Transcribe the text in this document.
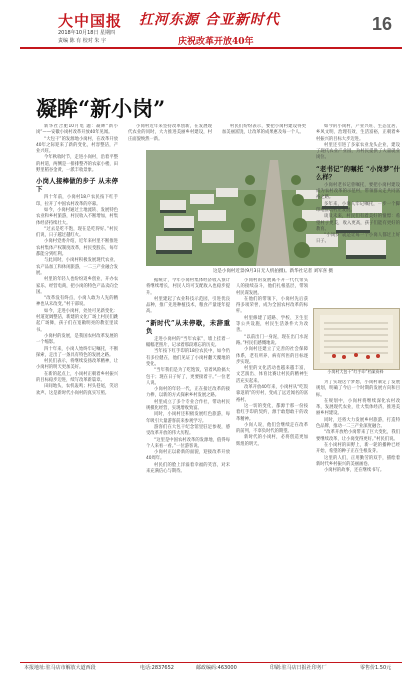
大中国报 扛河东源 合亚新时代	16
2018年10月18日 星期四
责编 陈 有 校对 朱 宇	庆祝改革开放40年
凝眸“新小岗”
这是小岗村近景(9月3日无人机拍摄)。新华社记者 刘军喜 摄
小岗村大包干“红手印”档案资料

新华社合肥10月电 题：凝眸“新小岗”——安徽小岗村改革开放40年见闻。

“大包干”的发源地小岗村，在改革开放40年之际迎来了新的变化，村容整洁，产业兴旺。

今年秋收时节，走进小岗村，沿着平整的村道，两侧是一排排整齐的农家小楼，田野里稻谷金黄，一派丰收景象。

小岗人接棒做的步子 从未停下

四十年前，小岗村18户农民按下红手印，拉开了中国农村改革的序幕。

如今，小岗村通过土地流转、发展特色农业和乡村旅游，村民收入不断增加，村集体经济持续壮大。

“过去是吃不饱，现在是吃得好。”村民们说，日子越过越红火。

小岗村党委介绍，近年来村里不断推进农村集体产权制度改革，村民变股东，每年都能分到红利。

与此同时，小岗村积极发展现代农业、农产品加工和休闲旅游，一二三产业融合发展。

村里的年轻人也纷纷返乡创业，开办农家乐、经营电商，把小岗的特色产品卖向全国。

“改革没有终点，小岗人敢为人先的精神也从未改变。”村干部说。

如今，走进小岗村，处处可见新变化：村道宽阔整洁，新建的文化广场上村民们跳起广场舞，孩子们在宽敞明亮的教室里读书。

小岗村的发展，是我国农村改革发展的一个缩影。

四十年来，小岗人始终牢记嘱托，不断探索，走出了一条具有特色的发展之路。

村民们表示，将继续发扬改革精神，让小岗村的明天更加美好。

在新的起点上，小岗村正朝着乡村振兴的目标稳步迈进，续写改革新篇章。

田间地头，农机轰鸣；村头巷尾，笑语欢声。这是新时代小岗村的真实写照。

小岗村近年来坚持改革创新，在发展现代农业的同时，大力推进美丽乡村建设，村庄面貌焕然一新。

据统计，今年小岗村集体经济收入预计将继续增长，村民人均可支配收入也稳步提升。

村里建起了农业科技示范园，引进优良品种，推广先进种植技术，粮食产量逐年提高。

“新时代”从未停歇，未辞重负

走进小岗村的“当年农家”，墙上挂着一幅幅老照片，记录着那段难忘的历史。

当年按下红手印的18位农民中，如今仍有多位健在，他们见证了小岗村翻天覆地的变化。

“当年我们是为了吃饱饭，冒着风险搞大包干；现在日子好了，更要接着干。”一位老人说。

小岗村的年轻一代，正在接过改革的接力棒，以新的方式探索乡村发展之路。

村里成立了多个专业合作社，带动村民规模化经营，实现增收致富。

同时，小岗村还积极发展红色旅游，每年吸引大量游客前来参观学习。

游客们在大包干纪念馆里驻足参观，感受改革开放的伟大历程。

“这里是中国农村改革的发源地，值得每个人来看一看。”一位游客说。

小岗村正以崭新的面貌，迎接改革开放40周年。

村民们的脸上洋溢着幸福的笑容，对未来充满信心与期待。

村民们纷纷表示，要把小岗村建设得更加美丽富饶，让改革的成果惠及每一个人。

小岗村的发展离不开一代代带头人的接续奋斗，他们扎根基层，带领村民谋发展。

在他们的带领下，小岗村先后获得多项荣誉，成为全国农村改革的标杆。

村里修建了道路、学校、卫生室等公共设施，村民生活条件大为改善。

“以前出门一身泥，现在出门水泥路。”村民们感慨地说。

小岗村还建立了完善的社会保障体系，老有所养、病有所医的目标逐步实现。

村里的文化活动也越来越丰富，文艺演出、体育比赛让村民的精神生活充实起来。

改革开放40年来，小岗村从“吃饭靠返销”的穷村，变成了远近闻名的富裕村。

这一切的变化，都源于那一份按着红手印的契约，源于敢想敢干的改革精神。

小岗人说，他们会继续走在改革的前列，不辜负时代的期望。

新时代的小岗村，必将创造更加辉煌的明天。

如今的小岗村，产业兴旺、生态宜居、乡风文明、治理有效、生活富裕，正朝着乡村振兴的目标大步迈进。

村里还引进了多家农业龙头企业，建设了现代农业产业园，为村民提供了大量就业岗位。

“老书记”的嘱托 “小岗梦”什么样？

小岗村老书记曾嘱托，要把小岗村建设成为农村改革的示范村，带领群众走共同富裕之路。

多年来，小岗人牢记嘱托，一步一个脚印地推动村庄发展。

谈及未来，村民们有着美好的憧憬：希望村子更美，收入更高，孩子们能有更好的教育。

“小岗梦”就是让每一个小岗人都过上好日子。

为了实现这个梦想，小岗村制定了发展规划，明确了今后一个时期的发展方向和目标。

在规划中，小岗村将继续深化农村改革，发展现代农业，壮大集体经济，推进美丽乡村建设。

同时，还将大力发展乡村旅游，打造特色品牌，推动一二三产业深度融合。

“改革开放给小岗带来了巨大变化，我们要继续改革，让小岗变得更好。”村民们说。

在小岗村的田野上，新一轮的播种已经开始，希望的种子正在生根发芽。

这里的人们，正用勤劳的双手，描绘着新时代乡村振兴的美丽画卷。

小岗村的故事，还在继续书写。

本报地址:驻马店市解放大道西段	电话:2837652	邮政编码:463000	印刷:驻马店日报社印务厂	零售价1.50元
